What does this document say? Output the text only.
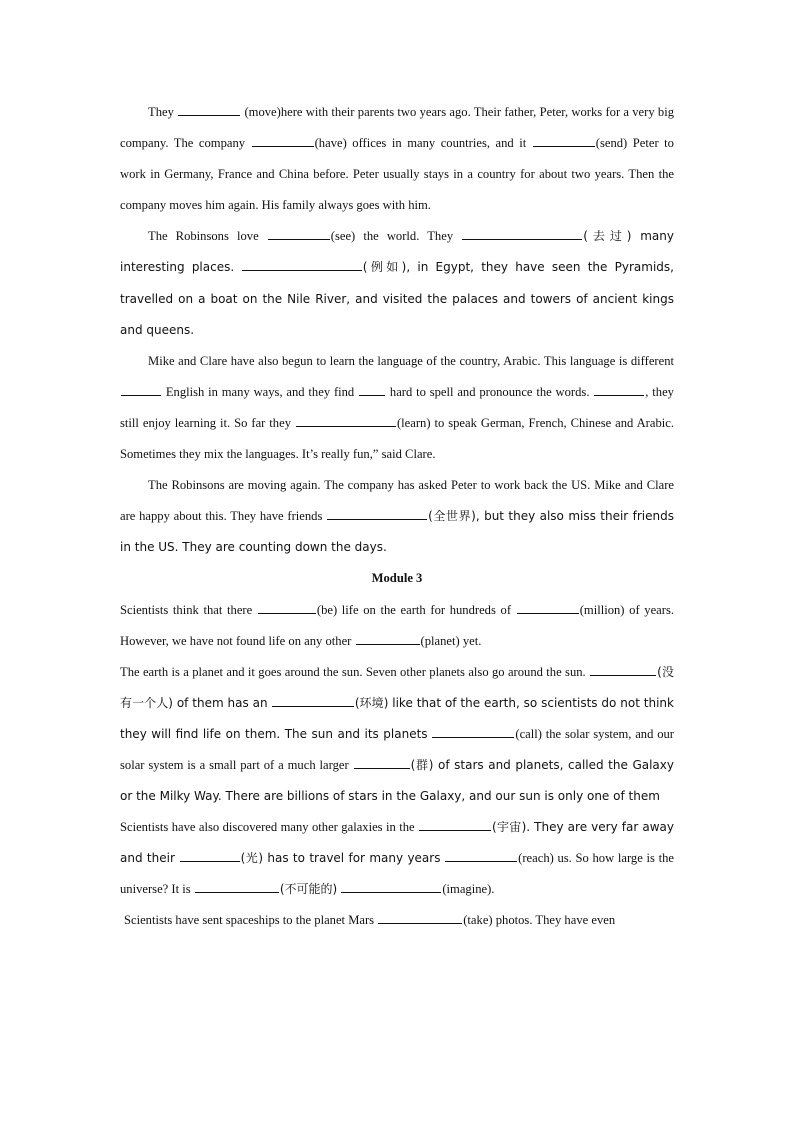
They	(move)here with their parents two years ago. Their father, Peter, works for a very big company. The company	(have) offices in many countries, and it	(send) Peter to work in Germany, France and China before. Peter usually stays in a country for about two years. Then the company moves him again. His family always goes with him.

The Robinsons love	(see) the world. They	(去过) many interesting places.	(例如), in Egypt, they have seen the Pyramids, travelled on a boat on the Nile River, and visited the palaces and towers of ancient kings and queens.

Mike and Clare have also begun to learn the language of the country, Arabic. This language is different  English in many ways, and they find	hard to spell and pronounce the words.	, they still enjoy learning it. So far they	(learn) to speak German, French, Chinese and Arabic. Sometimes they mix the languages. It’s really fun,” said Clare.

The Robinsons are moving again. The company has asked Peter to work back the US. Mike and Clare are happy about this. They have friends	(全世界), but they also miss their friends in the US. They are counting down the days.

Module 3

Scientists think that there	(be) life on the earth for hundreds of	(million) of years. However, we have not found life on any other	(planet) yet.

The earth is a planet and it goes around the sun. Seven other planets also go around the sun.	(没有一个人) of them has an	(环境) like that of the earth, so scientists do not think they will find life on them. The sun and its planets	(call) the solar system, and our solar system is a small part of a much larger	(群) of stars and planets, called the Galaxy or the Milky Way. There are billions of stars in the Galaxy, and our sun is only one of them

Scientists have also discovered many other galaxies in the	(宇宙). They are very far away and their	(光) has to travel for many years	(reach) us. So how large is the universe? It is	(不可能的)	(imagine).

Scientists have sent spaceships to the planet Mars	(take) photos. They have even
